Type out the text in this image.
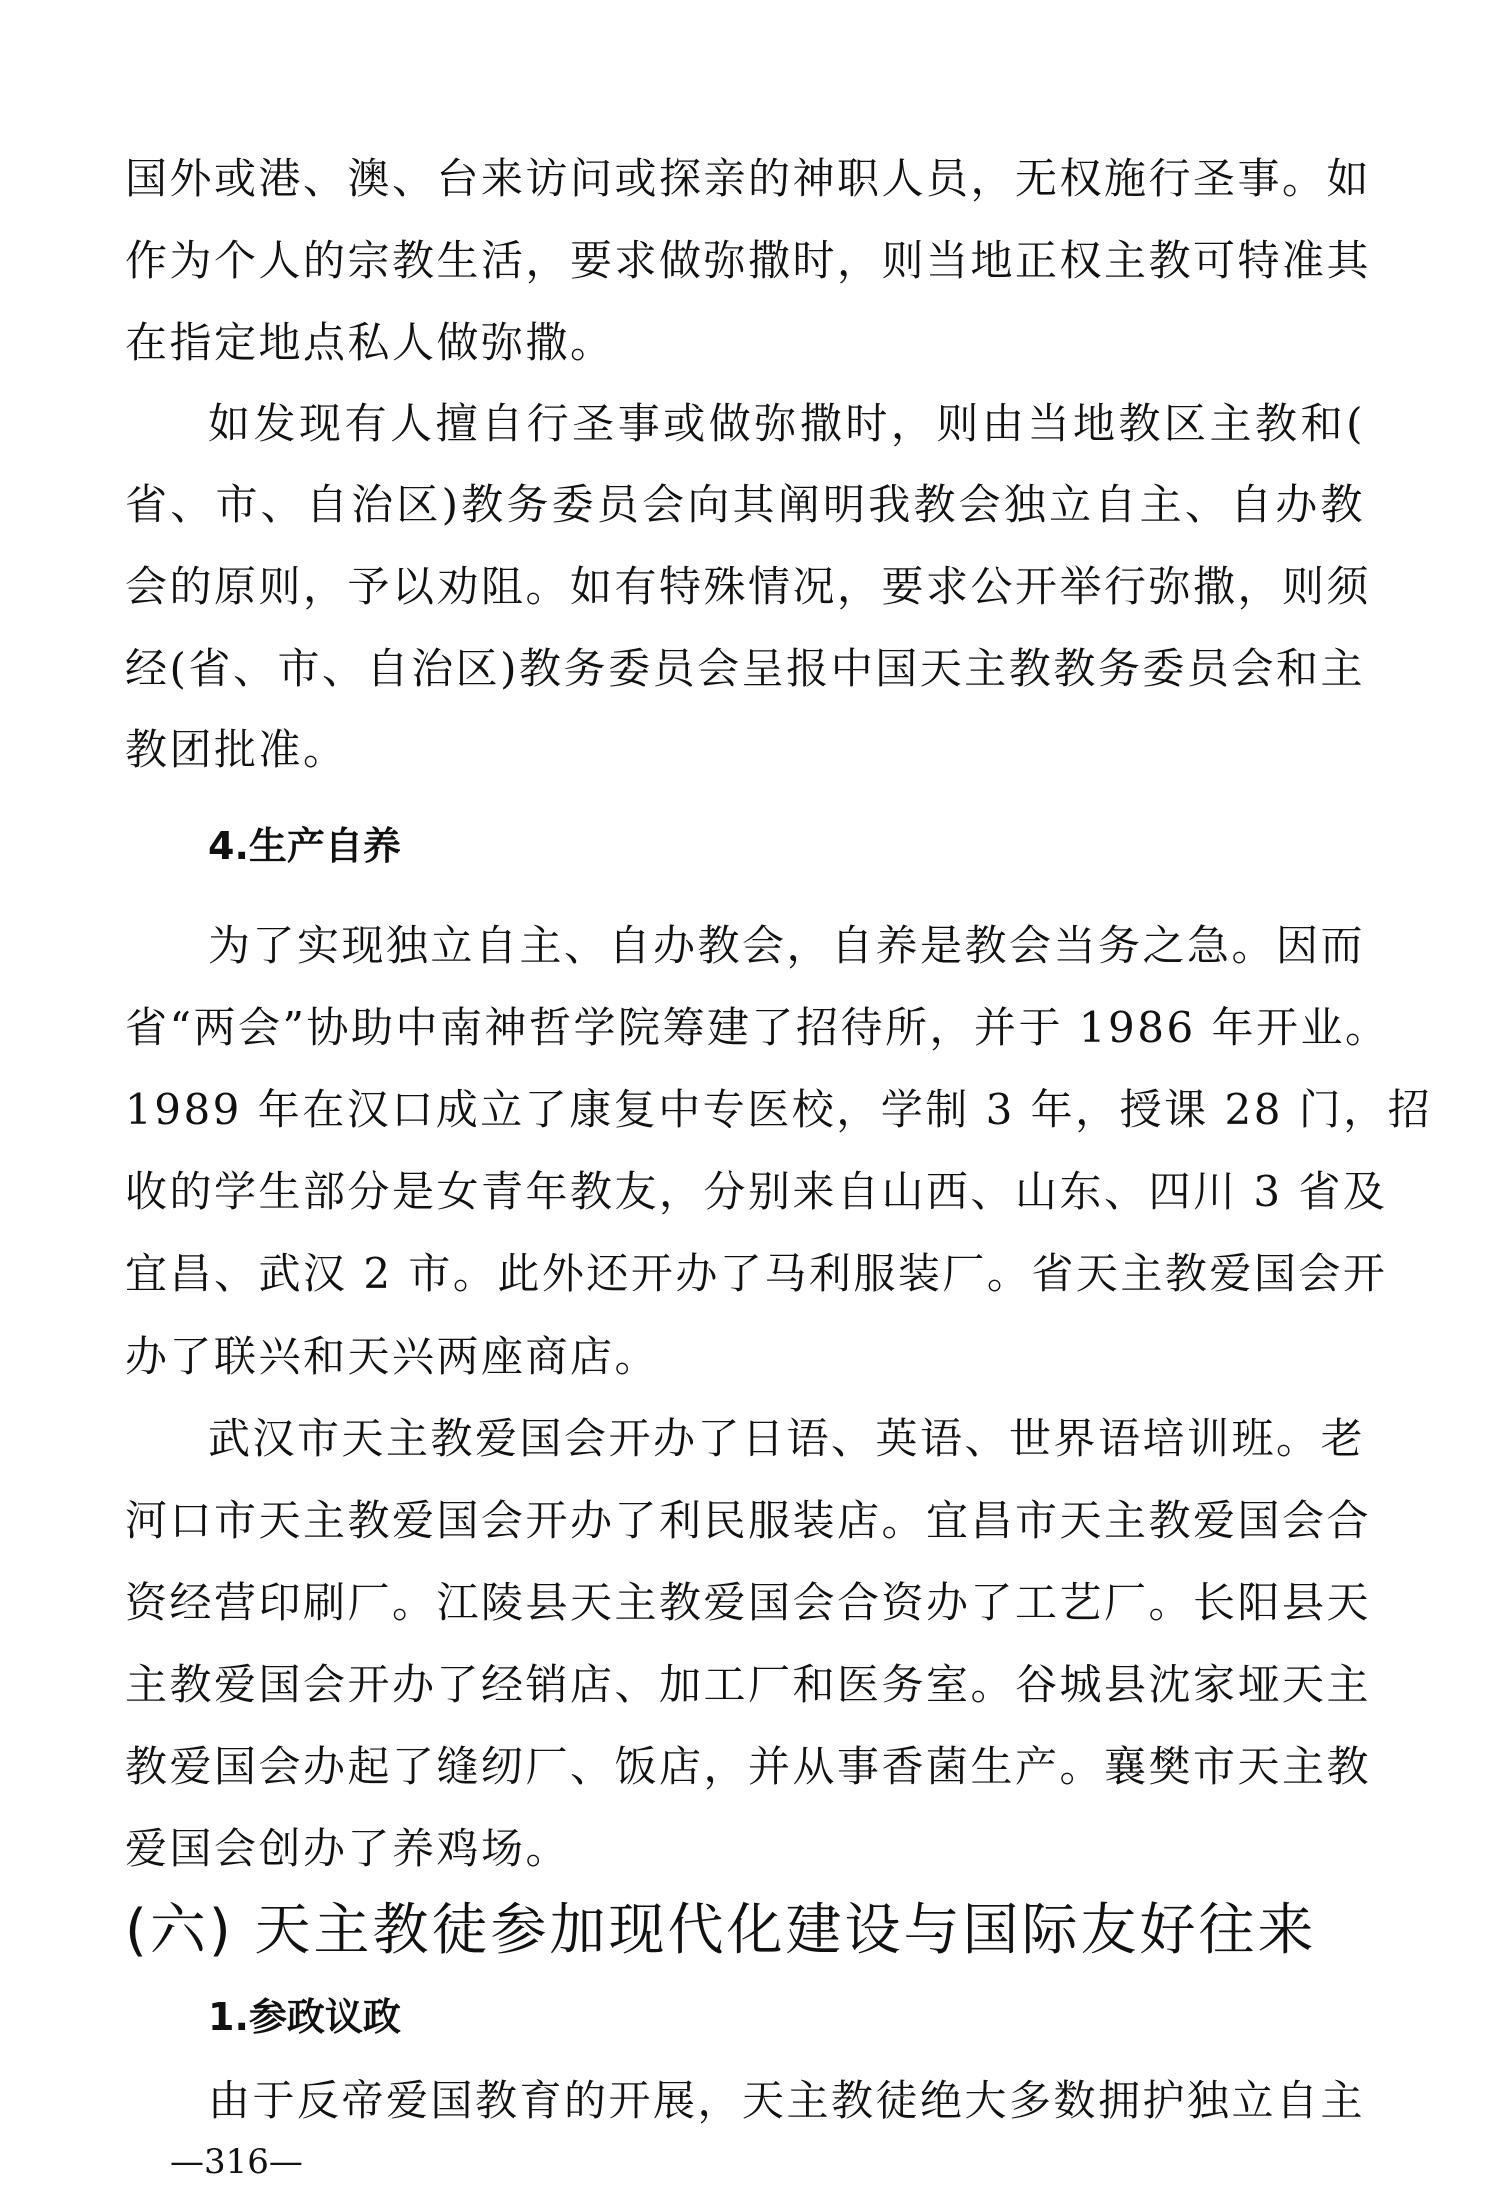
国外或港、澳、台来访问或探亲的神职人员，无权施行圣事。如
作为个人的宗教生活，要求做弥撒时，则当地正权主教可特准其
在指定地点私人做弥撒。
如发现有人擅自行圣事或做弥撒时，则由当地教区主教和(
省、市、自治区)教务委员会向其阐明我教会独立自主、自办教
会的原则，予以劝阻。如有特殊情况，要求公开举行弥撒，则须
经(省、市、自治区)教务委员会呈报中国天主教教务委员会和主
教团批准。
4.生产自养
为了实现独立自主、自办教会，自养是教会当务之急。因而
省“两会”协助中南神哲学院筹建了招待所，并于 1986 年开业。
1989 年在汉口成立了康复中专医校，学制 3 年，授课 28 门，招
收的学生部分是女青年教友，分别来自山西、山东、四川 3 省及
宜昌、武汉 2 市。此外还开办了马利服装厂。省天主教爱国会开
办了联兴和天兴两座商店。
武汉市天主教爱国会开办了日语、英语、世界语培训班。老
河口市天主教爱国会开办了利民服装店。宜昌市天主教爱国会合
资经营印刷厂。江陵县天主教爱国会合资办了工艺厂。长阳县天
主教爱国会开办了经销店、加工厂和医务室。谷城县沈家垭天主
教爱国会办起了缝纫厂、饭店，并从事香菌生产。襄樊市天主教
爱国会创办了养鸡场。
(六) 天主教徒参加现代化建设与国际友好往来
1.参政议政
由于反帝爱国教育的开展，天主教徒绝大多数拥护独立自主
—316—
